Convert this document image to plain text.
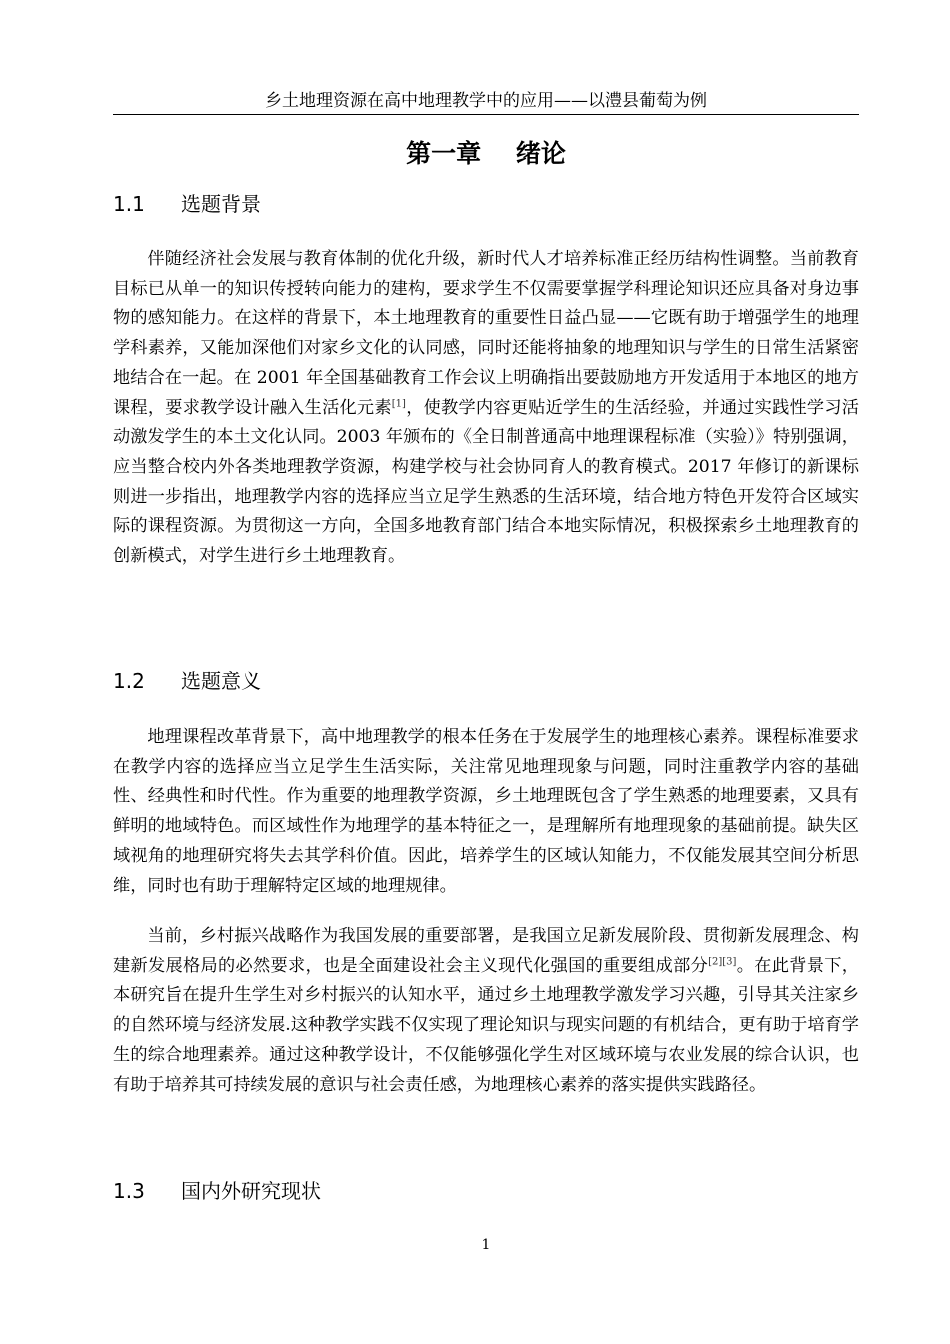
乡土地理资源在高中地理教学中的应用——以澧县葡萄为例
第一章    绪论
1.1 选题背景

伴随经济社会发展与教育体制的优化升级，新时代人才培养标准正经历结构性调整。当前教育目标已从单一的知识传授转向能力的建构，要求学生不仅需要掌握学科理论知识还应具备对身边事物的感知能力。在这样的背景下，本土地理教育的重要性日益凸显——它既有助于增强学生的地理学科素养，又能加深他们对家乡文化的认同感，同时还能将抽象的地理知识与学生的日常生活紧密地结合在一起。在 2001 年全国基础教育工作会议上明确指出要鼓励地方开发适用于本地区的地方课程，要求教学设计融入生活化元素[1]，使教学内容更贴近学生的生活经验，并通过实践性学习活动激发学生的本土文化认同。2003 年颁布的《全日制普通高中地理课程标准（实验）》特别强调，应当整合校内外各类地理教学资源，构建学校与社会协同育人的教育模式。2017 年修订的新课标则进一步指出，地理教学内容的选择应当立足学生熟悉的生活环境，结合地方特色开发符合区域实际的课程资源。为贯彻这一方向，全国多地教育部门结合本地实际情况，积极探索乡土地理教育的创新模式，对学生进行乡土地理教育。

1.2 选题意义

地理课程改革背景下，高中地理教学的根本任务在于发展学生的地理核心素养。课程标准要求在教学内容的选择应当立足学生生活实际，关注常见地理现象与问题，同时注重教学内容的基础性、经典性和时代性。作为重要的地理教学资源，乡土地理既包含了学生熟悉的地理要素，又具有鲜明的地域特色。而区域性作为地理学的基本特征之一，是理解所有地理现象的基础前提。缺失区域视角的地理研究将失去其学科价值。因此，培养学生的区域认知能力，不仅能发展其空间分析思维，同时也有助于理解特定区域的地理规律。

当前，乡村振兴战略作为我国发展的重要部署，是我国立足新发展阶段、贯彻新发展理念、构建新发展格局的必然要求，也是全面建设社会主义现代化强国的重要组成部分[2][3]。在此背景下，本研究旨在提升生学生对乡村振兴的认知水平，通过乡土地理教学激发学习兴趣，引导其关注家乡的自然环境与经济发展.这种教学实践不仅实现了理论知识与现实问题的有机结合，更有助于培育学生的综合地理素养。通过这种教学设计，不仅能够强化学生对区域环境与农业发展的综合认识，也有助于培养其可持续发展的意识与社会责任感，为地理核心素养的落实提供实践路径。

1.3 国内外研究现状
1
